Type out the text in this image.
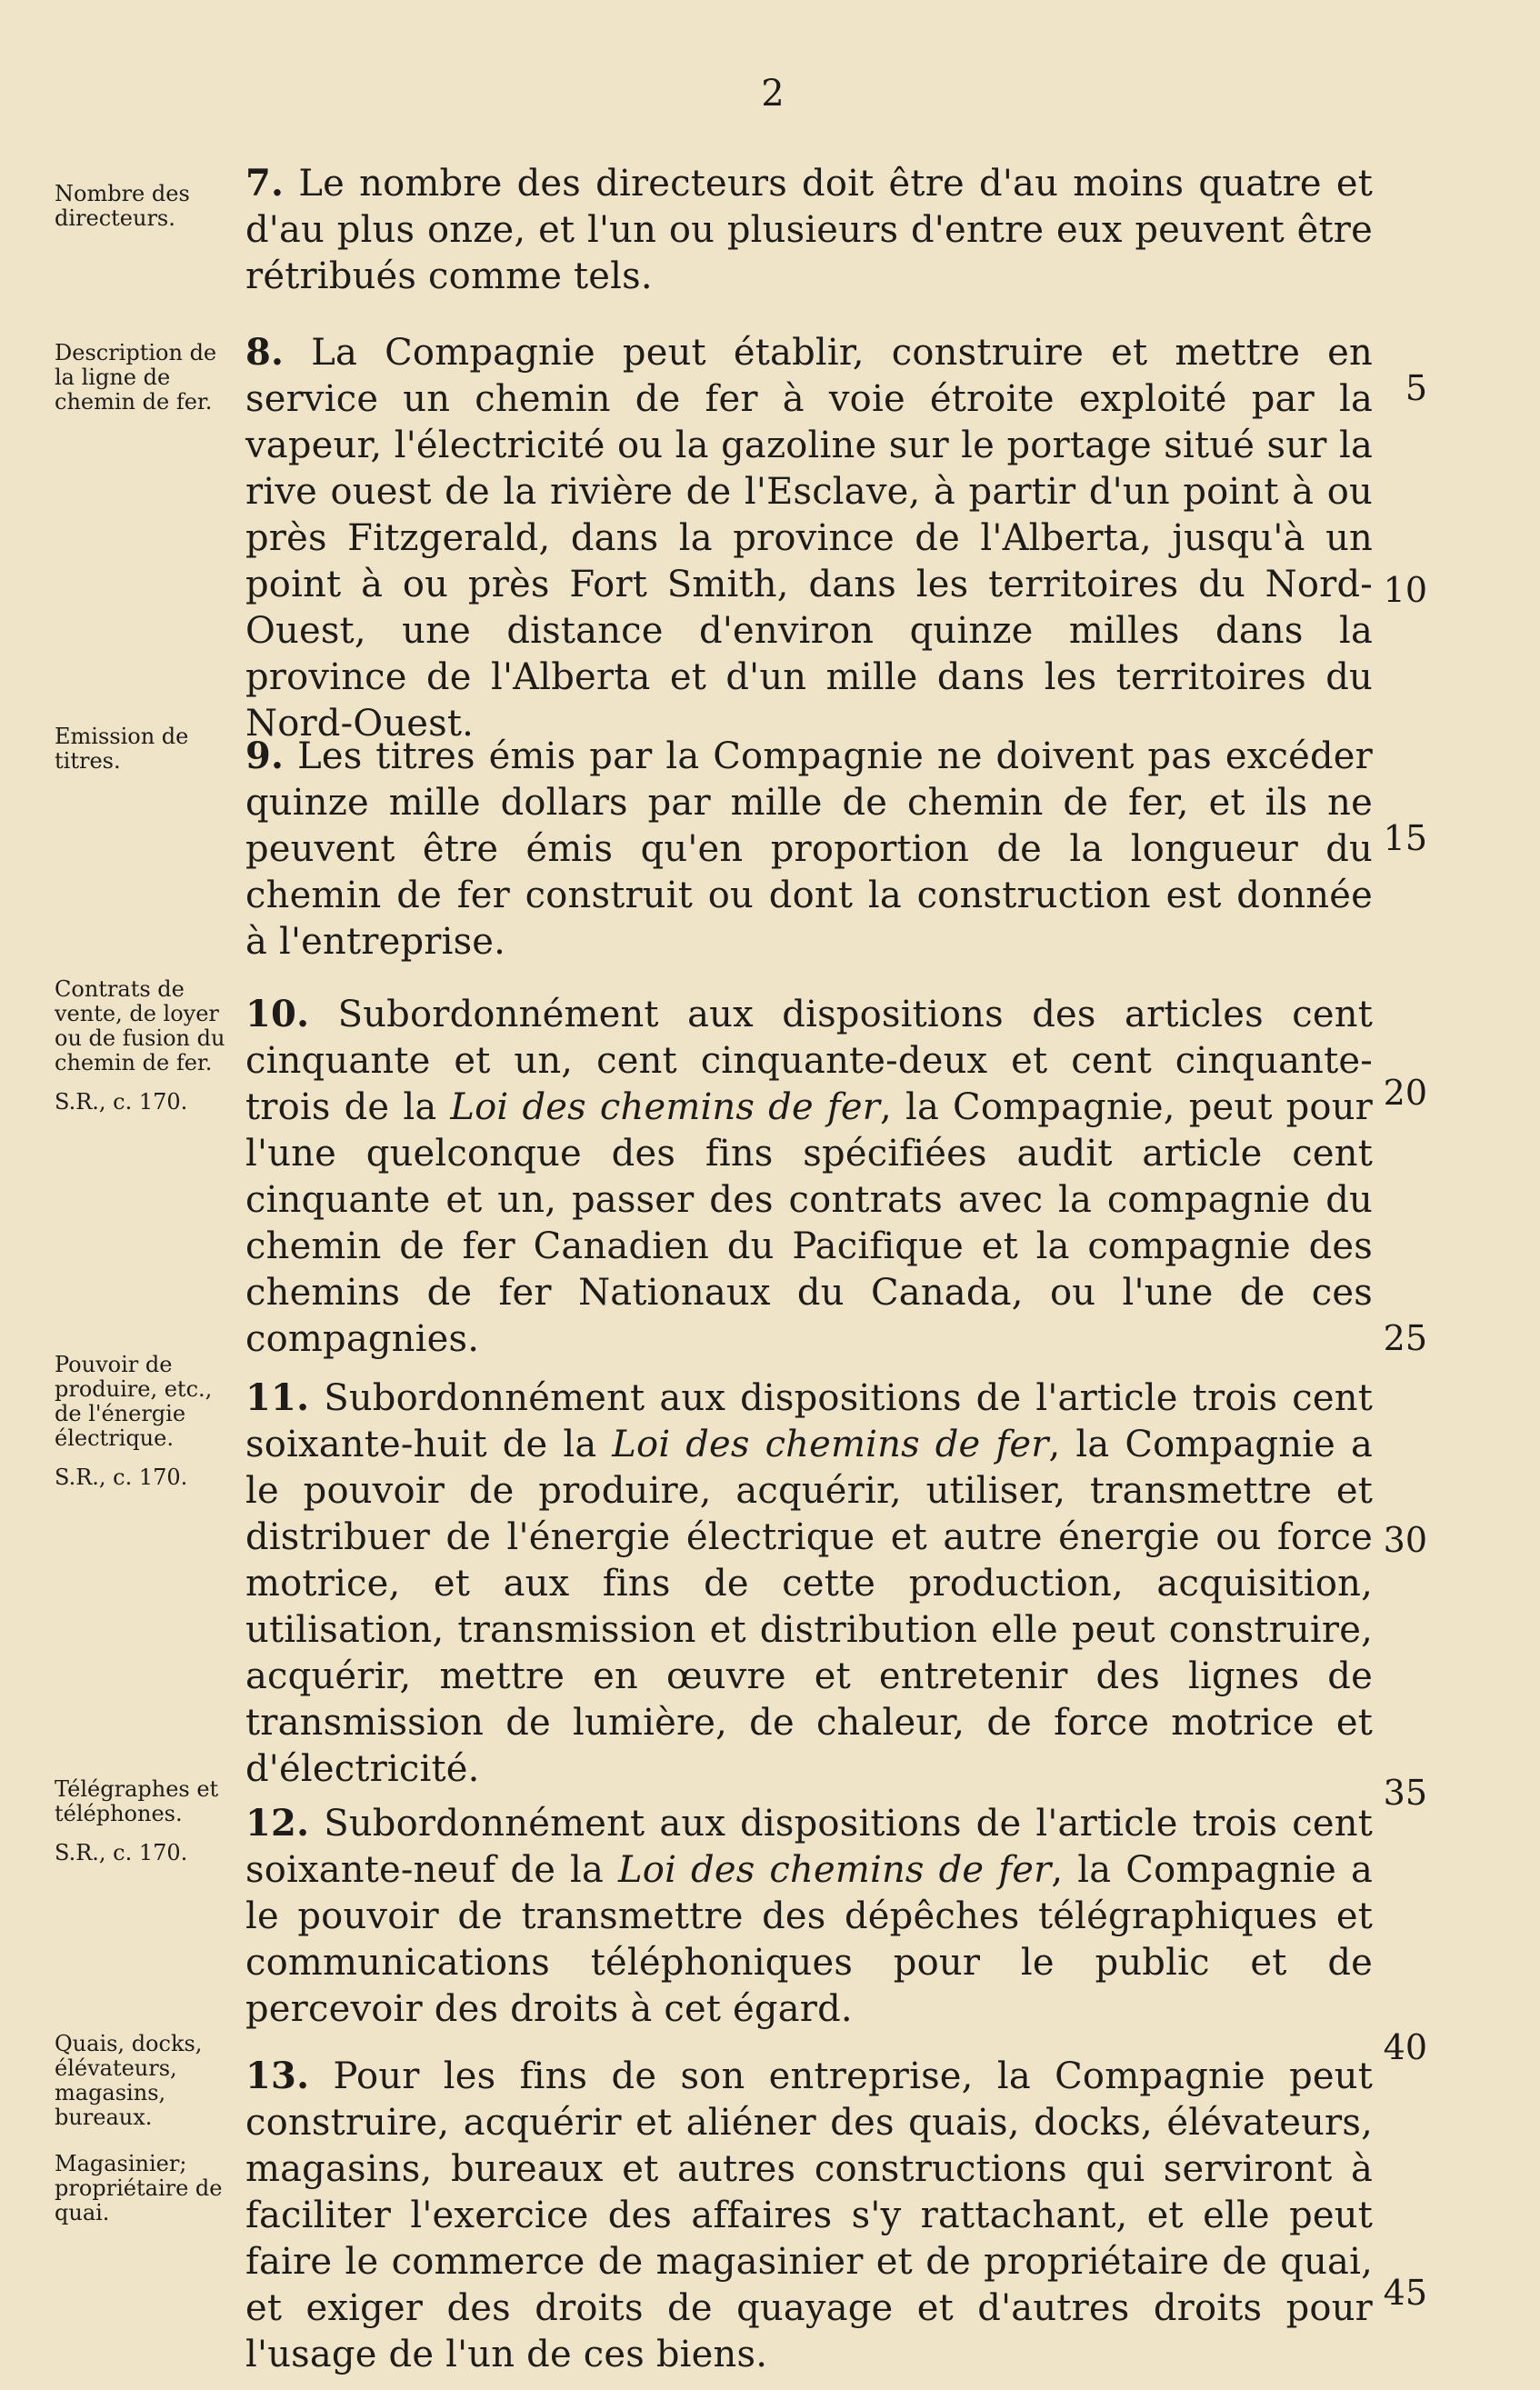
2
Nombre des directeurs.
Description de la ligne de chemin de fer.
Emission de titres.
Contrats de vente, de loyer ou de fusion du chemin de fer.
S.R., c. 170.
Pouvoir de produire, etc., de l'énergie électrique.
S.R., c. 170.
Télégraphes et téléphones.
S.R., c. 170.
Quais, docks, élévateurs, magasins, bureaux.
Magasinier; propriétaire de quai.
7. Le nombre des directeurs doit être d'au moins quatre et d'au plus onze, et l'un ou plusieurs d'entre eux peuvent être rétribués comme tels.
8. La Compagnie peut établir, construire et mettre en service un chemin de fer à voie étroite exploité par la vapeur, l'électricité ou la gazoline sur le portage situé sur la rive ouest de la rivière de l'Esclave, à partir d'un point à ou près Fitzgerald, dans la province de l'Alberta, jusqu'à un point à ou près Fort Smith, dans les territoires du Nord-Ouest, une distance d'environ quinze milles dans la province de l'Alberta et d'un mille dans les territoires du Nord-Ouest.
9. Les titres émis par la Compagnie ne doivent pas excéder quinze mille dollars par mille de chemin de fer, et ils ne peuvent être émis qu'en proportion de la longueur du chemin de fer construit ou dont la construction est donnée à l'entreprise.
10. Subordonnément aux dispositions des articles cent cinquante et un, cent cinquante-deux et cent cinquante-trois de la Loi des chemins de fer, la Compagnie, peut pour l'une quelconque des fins spécifiées audit article cent cinquante et un, passer des contrats avec la compagnie du chemin de fer Canadien du Pacifique et la compagnie des chemins de fer Nationaux du Canada, ou l'une de ces compagnies.
11. Subordonnément aux dispositions de l'article trois cent soixante-huit de la Loi des chemins de fer, la Compagnie a le pouvoir de produire, acquérir, utiliser, transmettre et distribuer de l'énergie électrique et autre énergie ou force motrice, et aux fins de cette production, acquisition, utilisation, transmission et distribution elle peut construire, acquérir, mettre en œuvre et entretenir des lignes de transmission de lumière, de chaleur, de force motrice et d'électricité.
12. Subordonnément aux dispositions de l'article trois cent soixante-neuf de la Loi des chemins de fer, la Compagnie a le pouvoir de transmettre des dépêches télégraphiques et communications téléphoniques pour le public et de percevoir des droits à cet égard.
13. Pour les fins de son entreprise, la Compagnie peut construire, acquérir et aliéner des quais, docks, élévateurs, magasins, bureaux et autres constructions qui serviront à faciliter l'exercice des affaires s'y rattachant, et elle peut faire le commerce de magasinier et de propriétaire de quai, et exiger des droits de quayage et d'autres droits pour l'usage de l'un de ces biens.
5
10
15
20
25
30
35
40
45
